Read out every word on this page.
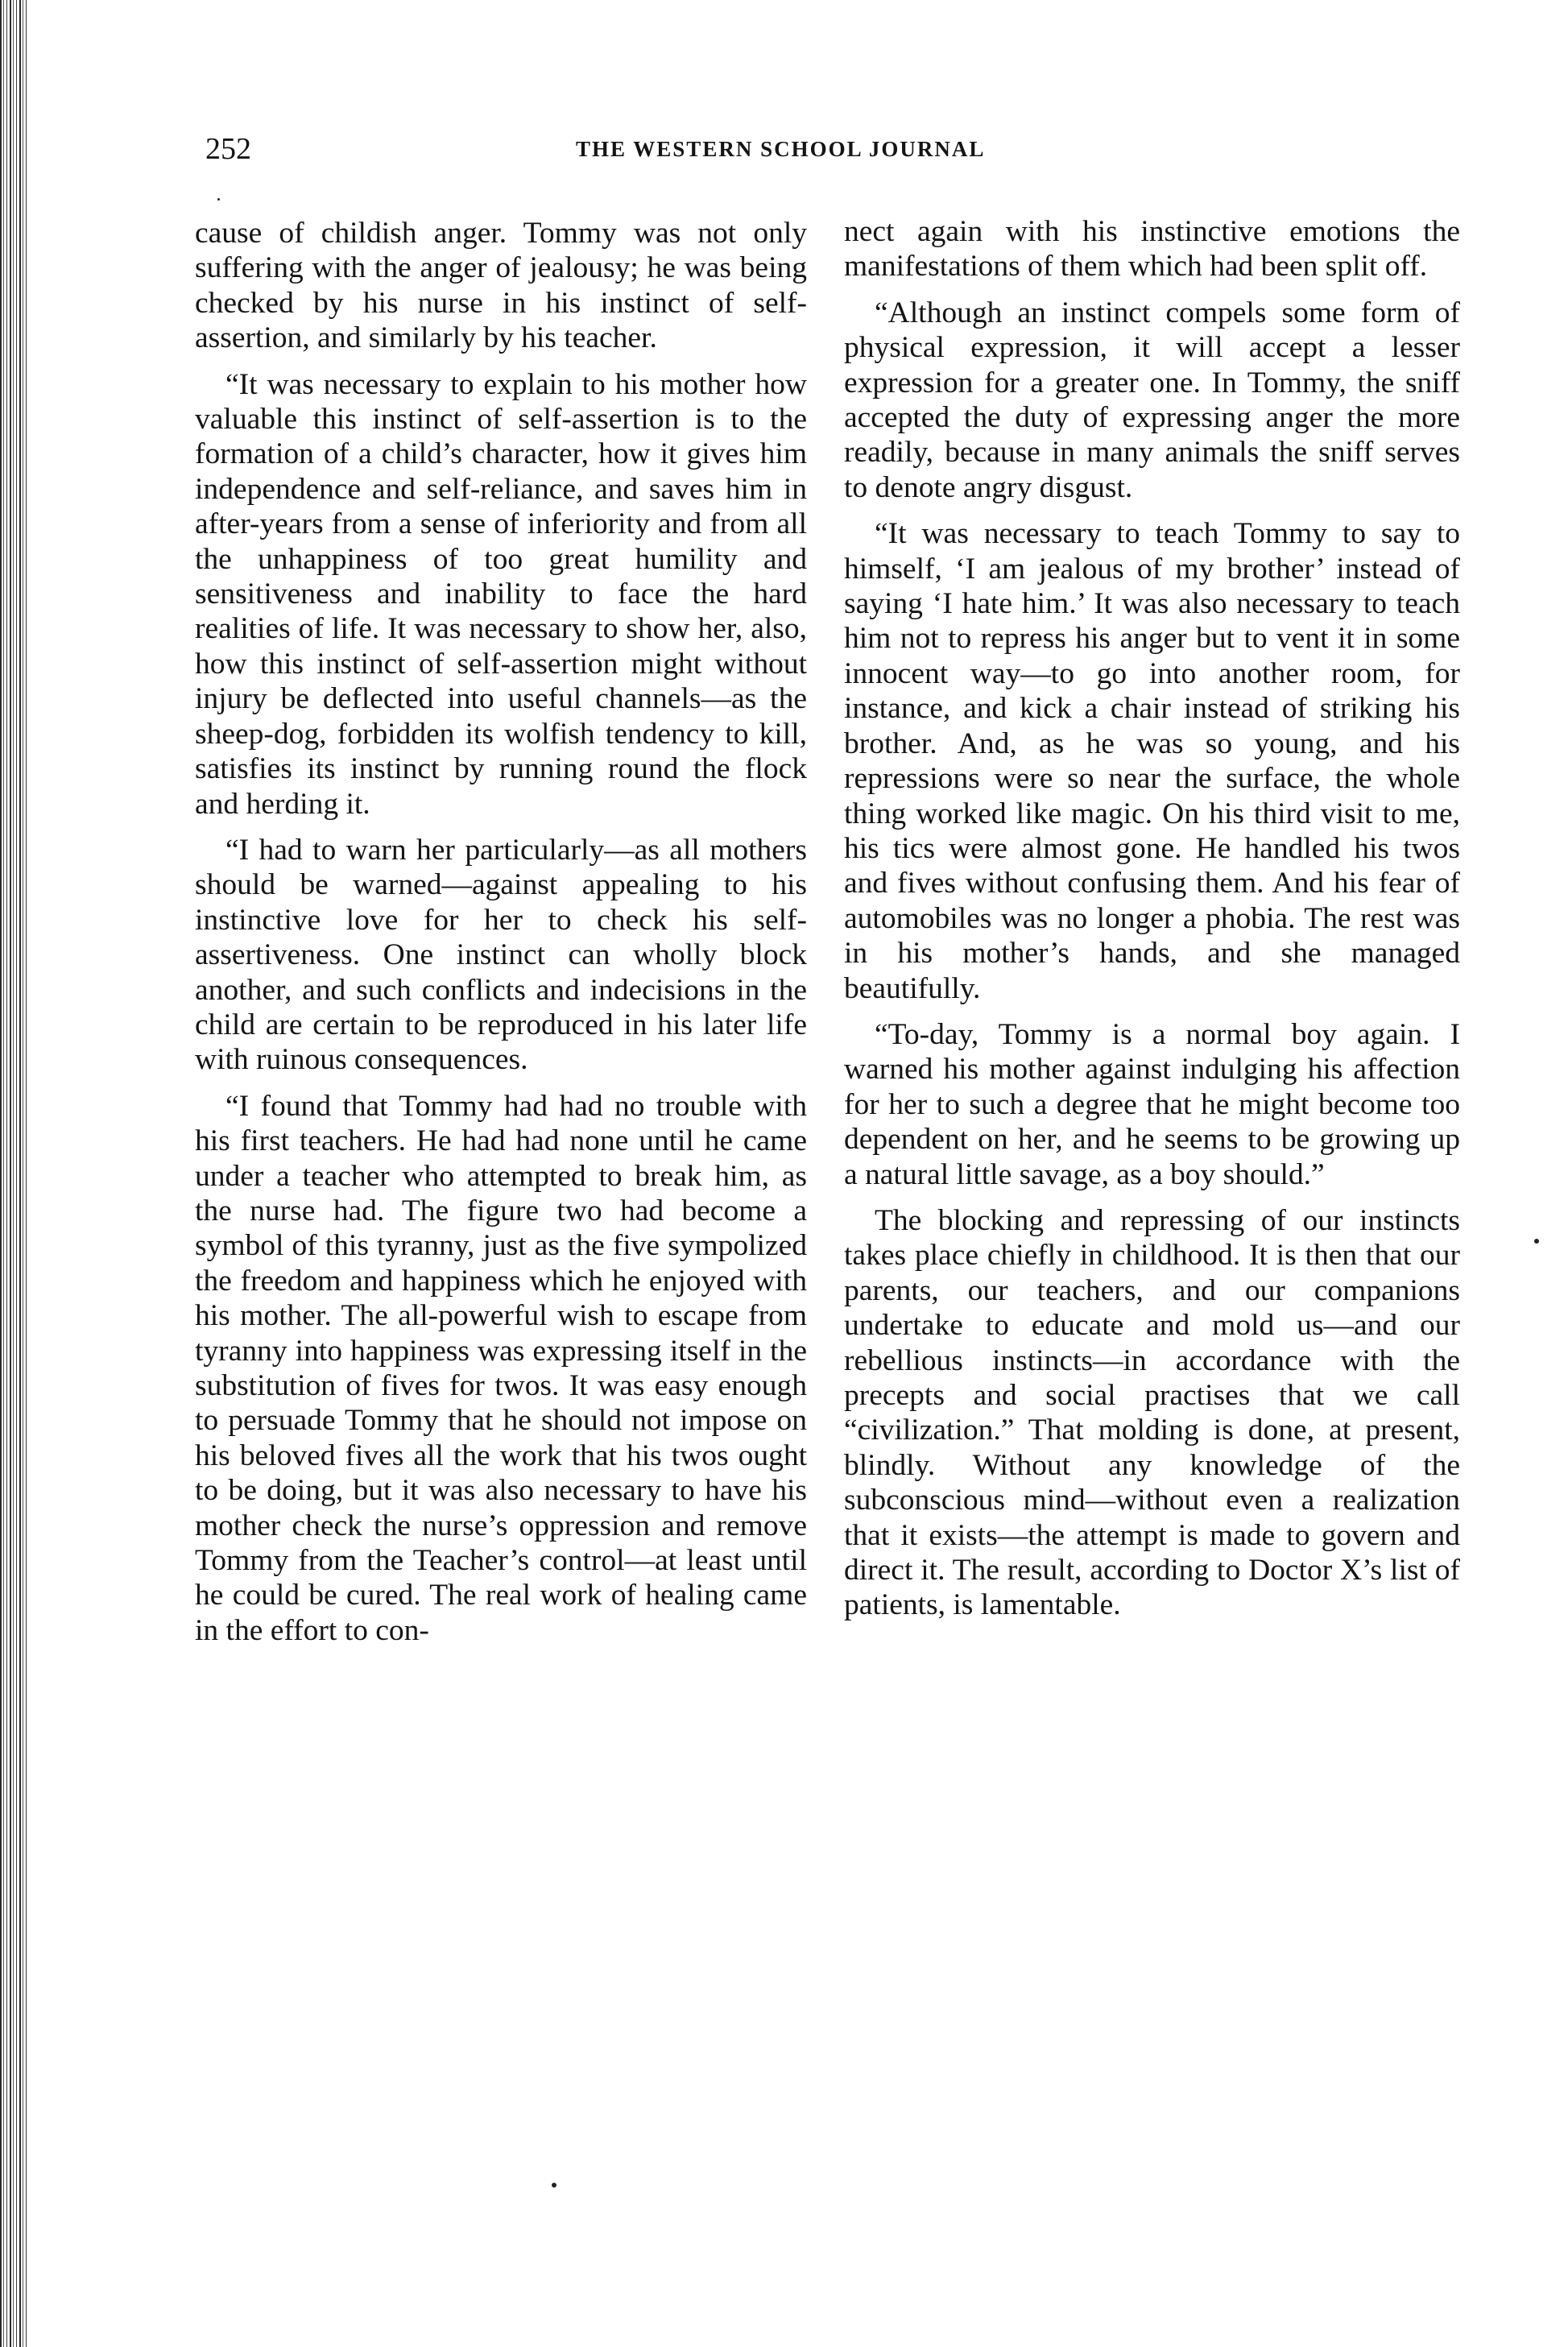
252	THE WESTERN SCHOOL JOURNAL

cause of childish anger. Tommy was not only suffering with the anger of jealousy; he was being checked by his nurse in his instinct of self-assertion, and similarly by his teacher.

“It was necessary to explain to his mother how valuable this instinct of self-assertion is to the formation of a child’s character, how it gives him independence and self-reliance, and saves him in after-years from a sense of inferiority and from all the unhappiness of too great humility and sensitiveness and inability to face the hard realities of life. It was necessary to show her, also, how this instinct of self-assertion might without injury be deflected into useful channels—as the sheep-dog, forbidden its wolfish tendency to kill, satisfies its instinct by running round the flock and herding it.

“I had to warn her particularly—as all mothers should be warned—against appealing to his instinctive love for her to check his self-assertiveness. One instinct can wholly block another, and such conflicts and indecisions in the child are certain to be reproduced in his later life with ruinous consequences.

“I found that Tommy had had no trouble with his first teachers. He had had none until he came under a teacher who attempted to break him, as the nurse had. The figure two had become a symbol of this tyranny, just as the five sympolized the freedom and happiness which he enjoyed with his mother. The all-powerful wish to escape from tyranny into happiness was expressing itself in the substitution of fives for twos. It was easy enough to persuade Tommy that he should not impose on his beloved fives all the work that his twos ought to be doing, but it was also necessary to have his mother check the nurse’s oppression and remove Tommy from the Teacher’s control—at least until he could be cured. The real work of healing came in the effort to con-

nect again with his instinctive emotions the manifestations of them which had been split off.

“Although an instinct compels some form of physical expression, it will accept a lesser expression for a greater one. In Tommy, the sniff accepted the duty of expressing anger the more readily, because in many animals the sniff serves to denote angry disgust.

“It was necessary to teach Tommy to say to himself, ‘I am jealous of my brother’ instead of saying ‘I hate him.’ It was also necessary to teach him not to repress his anger but to vent it in some innocent way—to go into another room, for instance, and kick a chair instead of striking his brother. And, as he was so young, and his repressions were so near the surface, the whole thing worked like magic. On his third visit to me, his tics were almost gone. He handled his twos and fives without confusing them. And his fear of automobiles was no longer a phobia. The rest was in his mother’s hands, and she managed beautifully.

“To-day, Tommy is a normal boy again. I warned his mother against indulging his affection for her to such a degree that he might become too dependent on her, and he seems to be growing up a natural little savage, as a boy should.”

The blocking and repressing of our instincts takes place chiefly in childhood. It is then that our parents, our teachers, and our companions undertake to educate and mold us—and our rebellious instincts—in accordance with the precepts and social practises that we call “civilization.” That molding is done, at present, blindly. Without any knowledge of the subconscious mind—without even a realization that it exists—the attempt is made to govern and direct it. The result, according to Doctor X’s list of patients, is lamentable.
